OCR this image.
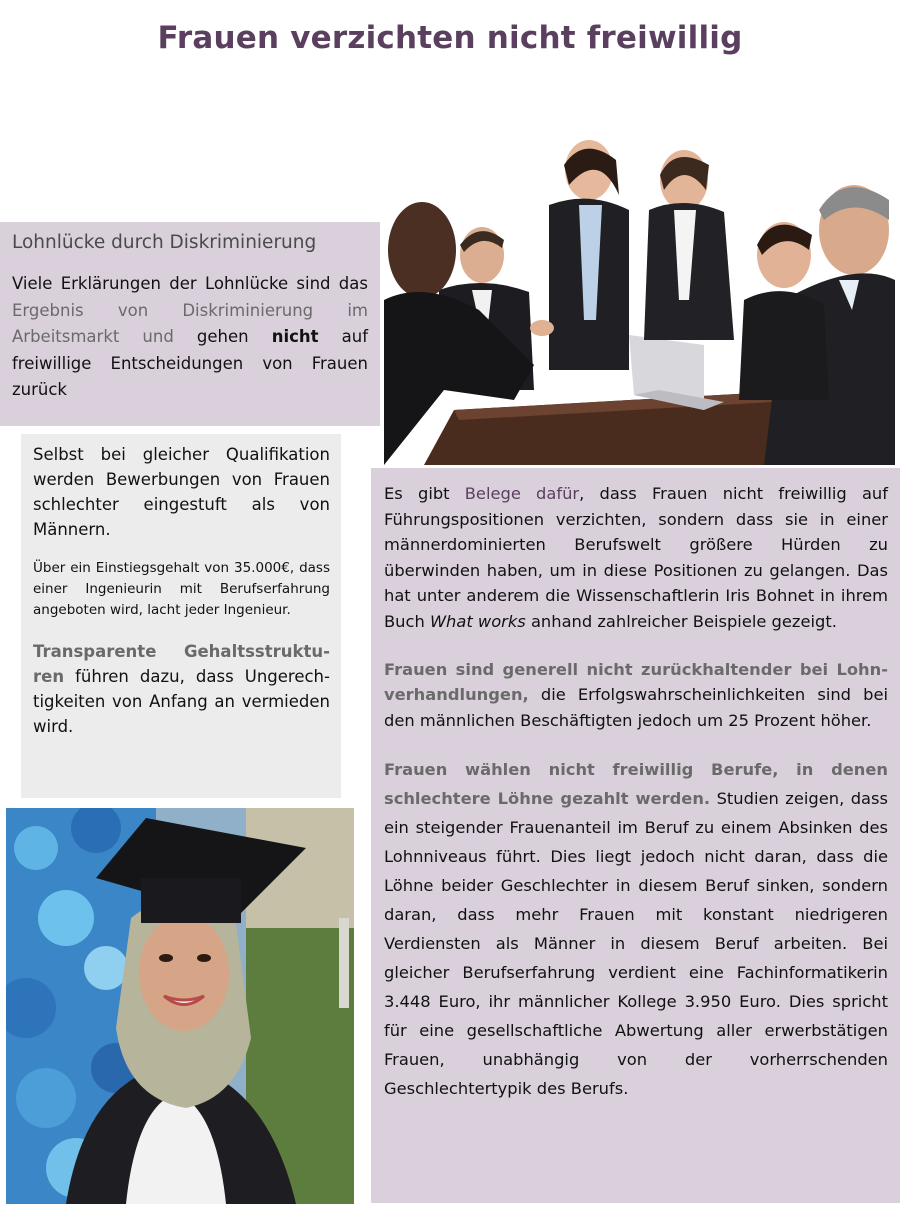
Frauen verzichten nicht freiwillig
Lohnlücke durch Diskriminierung
Viele Erklärungen der Lohnlücke sind das Ergebnis von Diskriminierung im Arbeitsmarkt und gehen nicht auf freiwillige Entscheidungen von Frauen zurück

Selbst bei gleicher Qualifikation werden Bewerbungen von Frauen schlechter eingestuft als von Männern.

Über ein Einstiegsgehalt von 35.000€, dass einer Ingenieurin mit Berufserfahrung angeboten wird, lacht jeder Ingenieur.

Transparente Gehaltsstrukturen führen dazu, dass Ungerechtigkeiten von Anfang an vermieden wird.

Es gibt Belege dafür, dass Frauen nicht freiwillig auf Führungspositionen verzichten, sondern dass sie in einer männerdominierten Berufswelt größere Hürden zu überwinden haben, um in diese Positionen zu gelangen. Das hat unter anderem die Wissenschaftlerin Iris Bohnet in ihrem Buch What works anhand zahlreicher Beispiele gezeigt.

Frauen sind generell nicht zurückhaltender bei Lohnverhandlungen, die Erfolgswahrscheinlichkeiten sind bei den männlichen Beschäftigten jedoch um 25 Prozent höher.

Frauen wählen nicht freiwillig Berufe, in denen schlechtere Löhne gezahlt werden. Studien zeigen, dass ein steigender Frauenanteil im Beruf zu einem Absinken des Lohnniveaus führt. Dies liegt jedoch nicht daran, dass die Löhne beider Geschlechter in diesem Beruf sinken, sondern daran, dass mehr Frauen mit konstant niedrigeren Verdiensten als Männer in diesem Beruf arbeiten. Bei gleicher Berufserfahrung verdient eine Fachinformatikerin 3.448 Euro, ihr männlicher Kollege 3.950 Euro. Dies spricht für eine gesellschaftliche Abwertung aller erwerbstätigen Frauen, unabhängig von der vorherrschenden Geschlechtertypik des Berufs.
